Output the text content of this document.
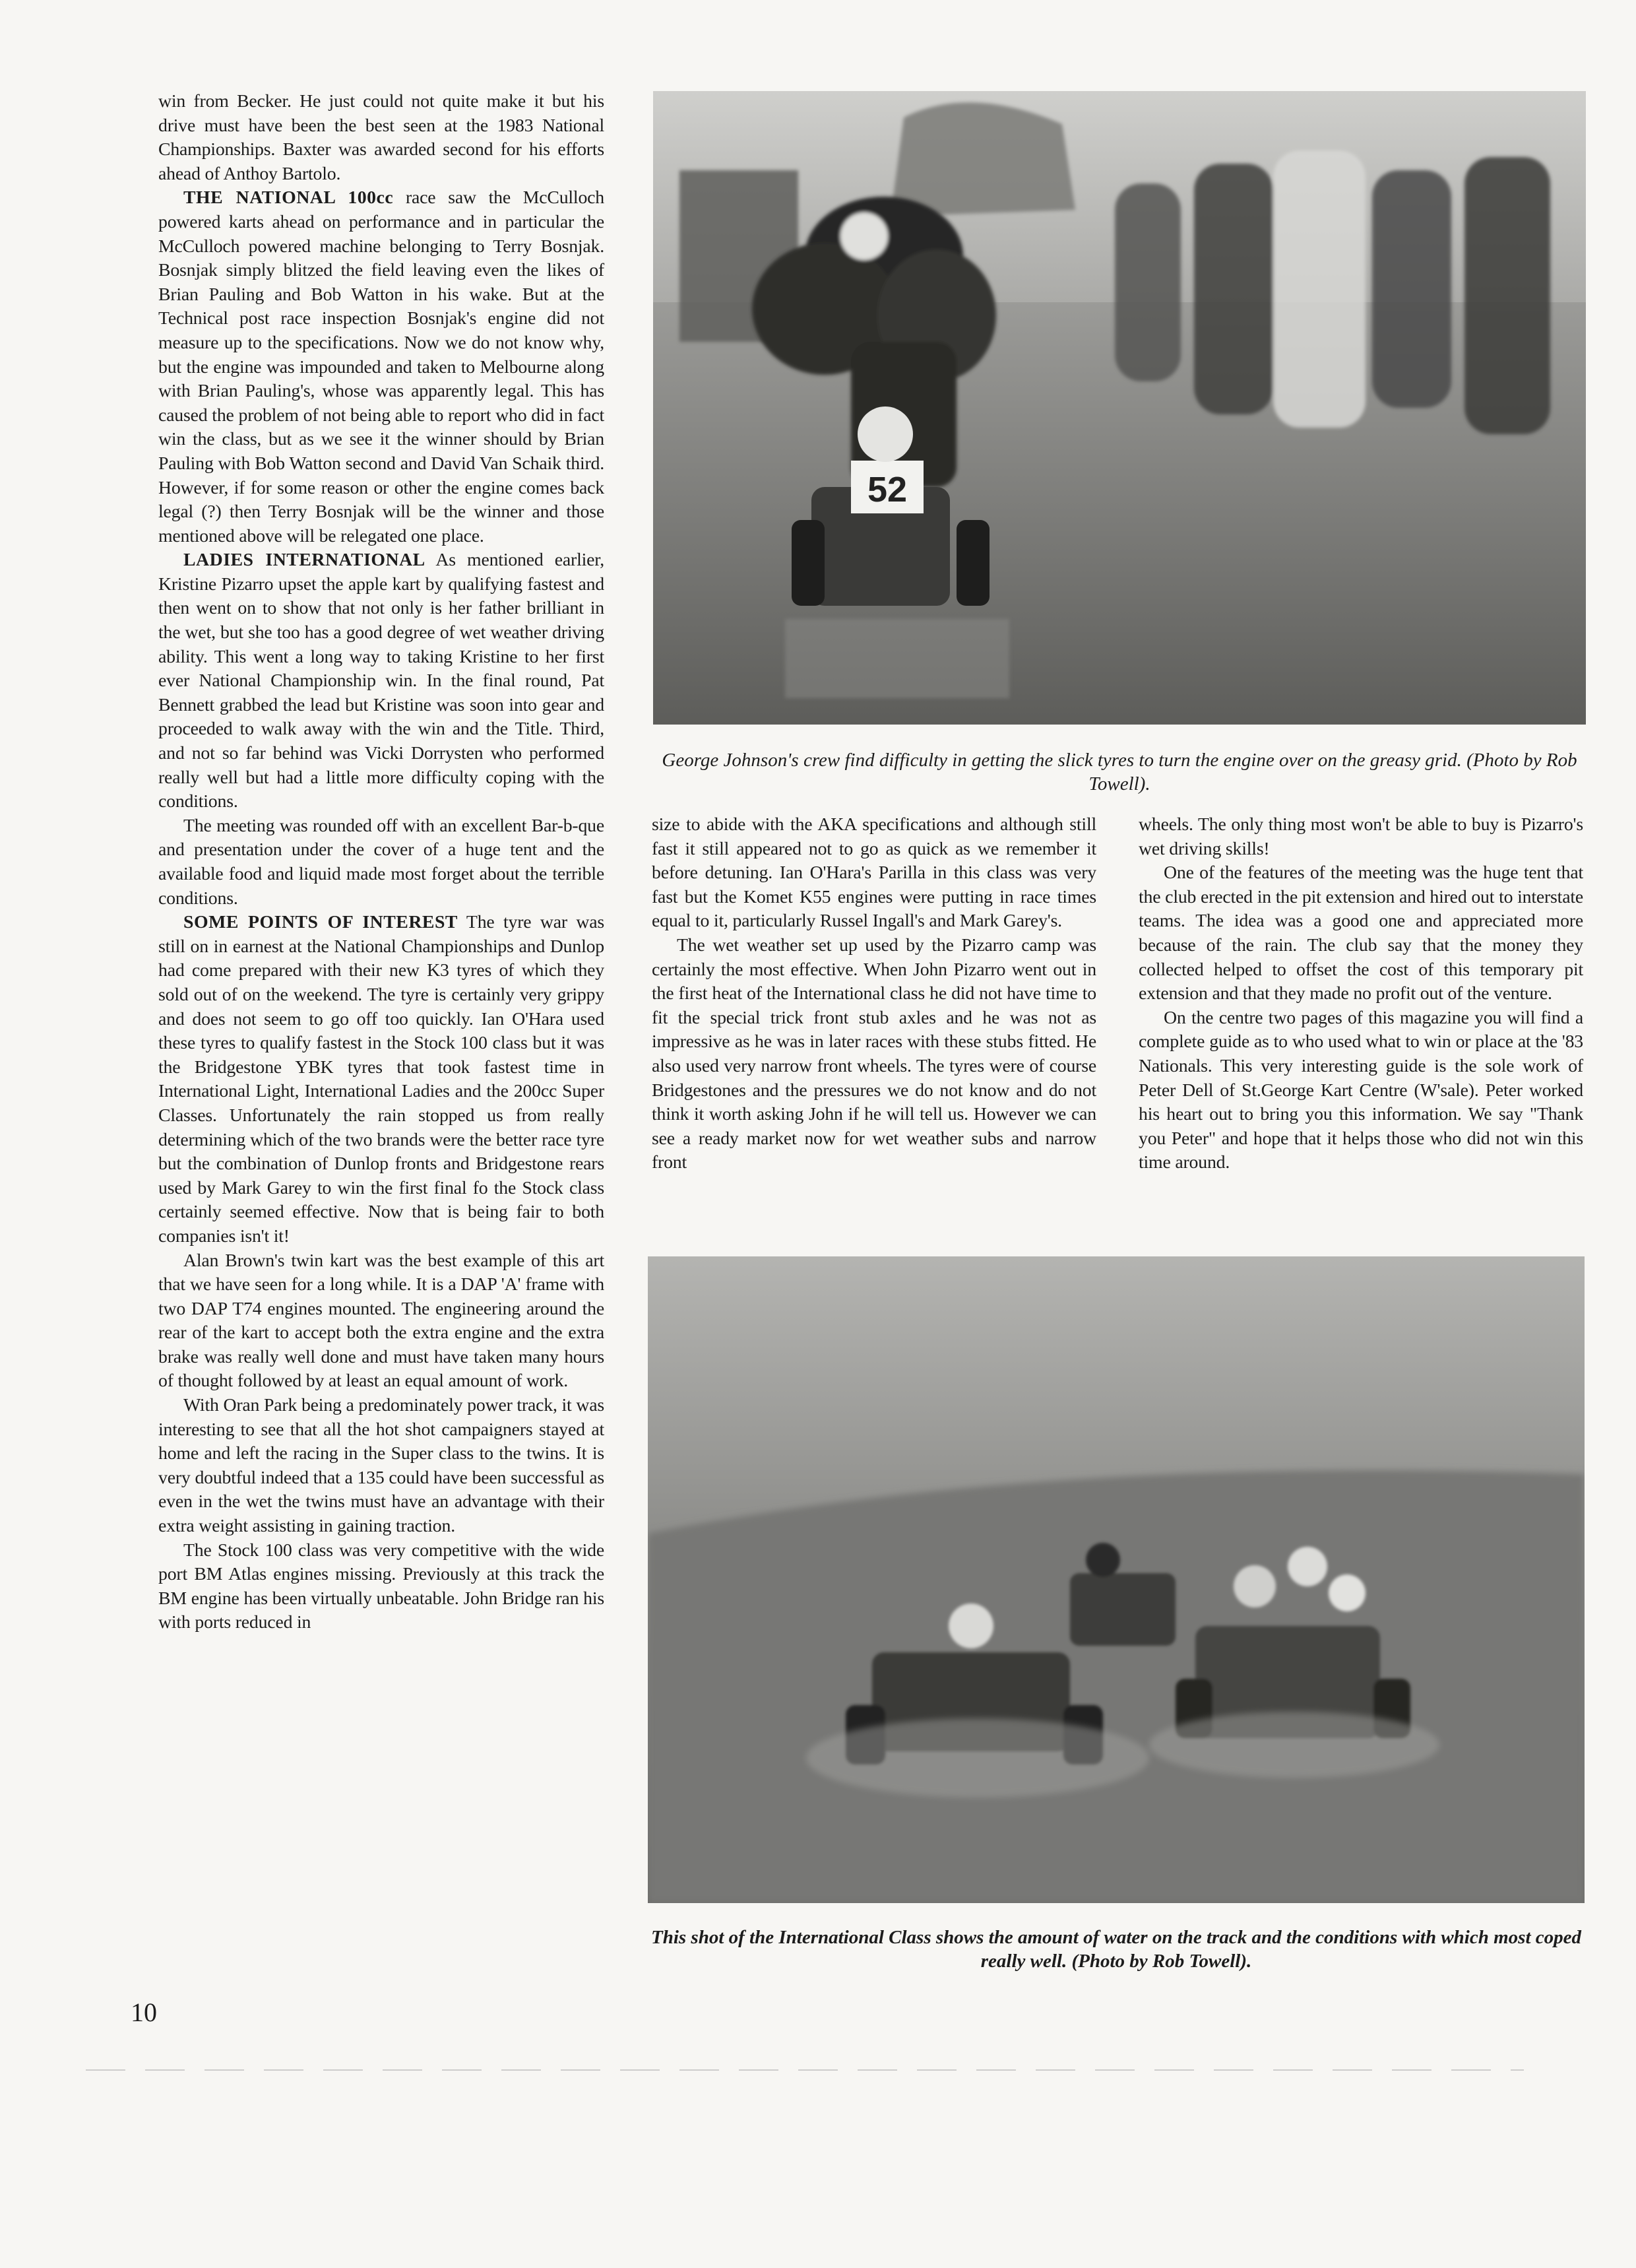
win from Becker. He just could not quite make it but his drive must have been the best seen at the 1983 National Championships. Baxter was awarded second for his efforts ahead of Anthoy Bartolo.

THE NATIONAL 100cc race saw the McCulloch powered karts ahead on performance and in particular the McCulloch powered machine belonging to Terry Bosnjak. Bosnjak simply blitzed the field leaving even the likes of Brian Pauling and Bob Watton in his wake. But at the Technical post race inspection Bosnjak's engine did not measure up to the specifications. Now we do not know why, but the engine was impounded and taken to Melbourne along with Brian Pauling's, whose was apparently legal. This has caused the problem of not being able to report who did in fact win the class, but as we see it the winner should by Brian Pauling with Bob Watton second and David Van Schaik third. However, if for some reason or other the engine comes back legal (?) then Terry Bosnjak will be the winner and those mentioned above will be relegated one place.

LADIES INTERNATIONAL As mentioned earlier, Kristine Pizarro upset the apple kart by qualifying fastest and then went on to show that not only is her father brilliant in the wet, but she too has a good degree of wet weather driving ability. This went a long way to taking Kristine to her first ever National Championship win. In the final round, Pat Bennett grabbed the lead but Kristine was soon into gear and proceeded to walk away with the win and the Title. Third, and not so far behind was Vicki Dorrysten who performed really well but had a little more difficulty coping with the conditions.

The meeting was rounded off with an excellent Bar-b-que and presentation under the cover of a huge tent and the available food and liquid made most forget about the terrible conditions.

SOME POINTS OF INTEREST The tyre war was still on in earnest at the National Championships and Dunlop had come prepared with their new K3 tyres of which they sold out of on the weekend. The tyre is certainly very grippy and does not seem to go off too quickly. Ian O'Hara used these tyres to qualify fastest in the Stock 100 class but it was the Bridgestone YBK tyres that took fastest time in International Light, International Ladies and the 200cc Super Classes. Unfortunately the rain stopped us from really determining which of the two brands were the better race tyre but the combination of Dunlop fronts and Bridgestone rears used by Mark Garey to win the first final fo the Stock class certainly seemed effective. Now that is being fair to both companies isn't it!

Alan Brown's twin kart was the best example of this art that we have seen for a long while. It is a DAP 'A' frame with two DAP T74 engines mounted. The engineering around the rear of the kart to accept both the extra engine and the extra brake was really well done and must have taken many hours of thought followed by at least an equal amount of work.

With Oran Park being a predominately power track, it was interesting to see that all the hot shot campaigners stayed at home and left the racing in the Super class to the twins. It is very doubtful indeed that a 135 could have been successful as even in the wet the twins must have an advantage with their extra weight assisting in gaining traction.

The Stock 100 class was very competitive with the wide port BM Atlas engines missing. Previously at this track the BM engine has been virtually unbeatable. John Bridge ran his with ports reduced in

52
George Johnson's crew find difficulty in getting the slick tyres to turn the engine over on the greasy grid. (Photo by Rob Towell).

size to abide with the AKA specifications and although still fast it still appeared not to go as quick as we remember it before detuning. Ian O'Hara's Parilla in this class was very fast but the Komet K55 engines were putting in race times equal to it, particularly Russel Ingall's and Mark Garey's.

The wet weather set up used by the Pizarro camp was certainly the most effective. When John Pizarro went out in the first heat of the International class he did not have time to fit the special trick front stub axles and he was not as impressive as he was in later races with these stubs fitted. He also used very narrow front wheels. The tyres were of course Bridgestones and the pressures we do not know and do not think it worth asking John if he will tell us. However we can see a ready market now for wet weather subs and narrow front

wheels. The only thing most won't be able to buy is Pizarro's wet driving skills!

One of the features of the meeting was the huge tent that the club erected in the pit extension and hired out to interstate teams. The idea was a good one and appreciated more because of the rain. The club say that the money they collected helped to offset the cost of this temporary pit extension and that they made no profit out of the venture.

On the centre two pages of this magazine you will find a complete guide as to who used what to win or place at the '83 Nationals. This very interesting guide is the sole work of Peter Dell of St.George Kart Centre (W'sale). Peter worked his heart out to bring you this information. We say "Thank you Peter" and hope that it helps those who did not win this time around.

This shot of the International Class shows the amount of water on the track and the conditions with which most coped really well. (Photo by Rob Towell).
10
